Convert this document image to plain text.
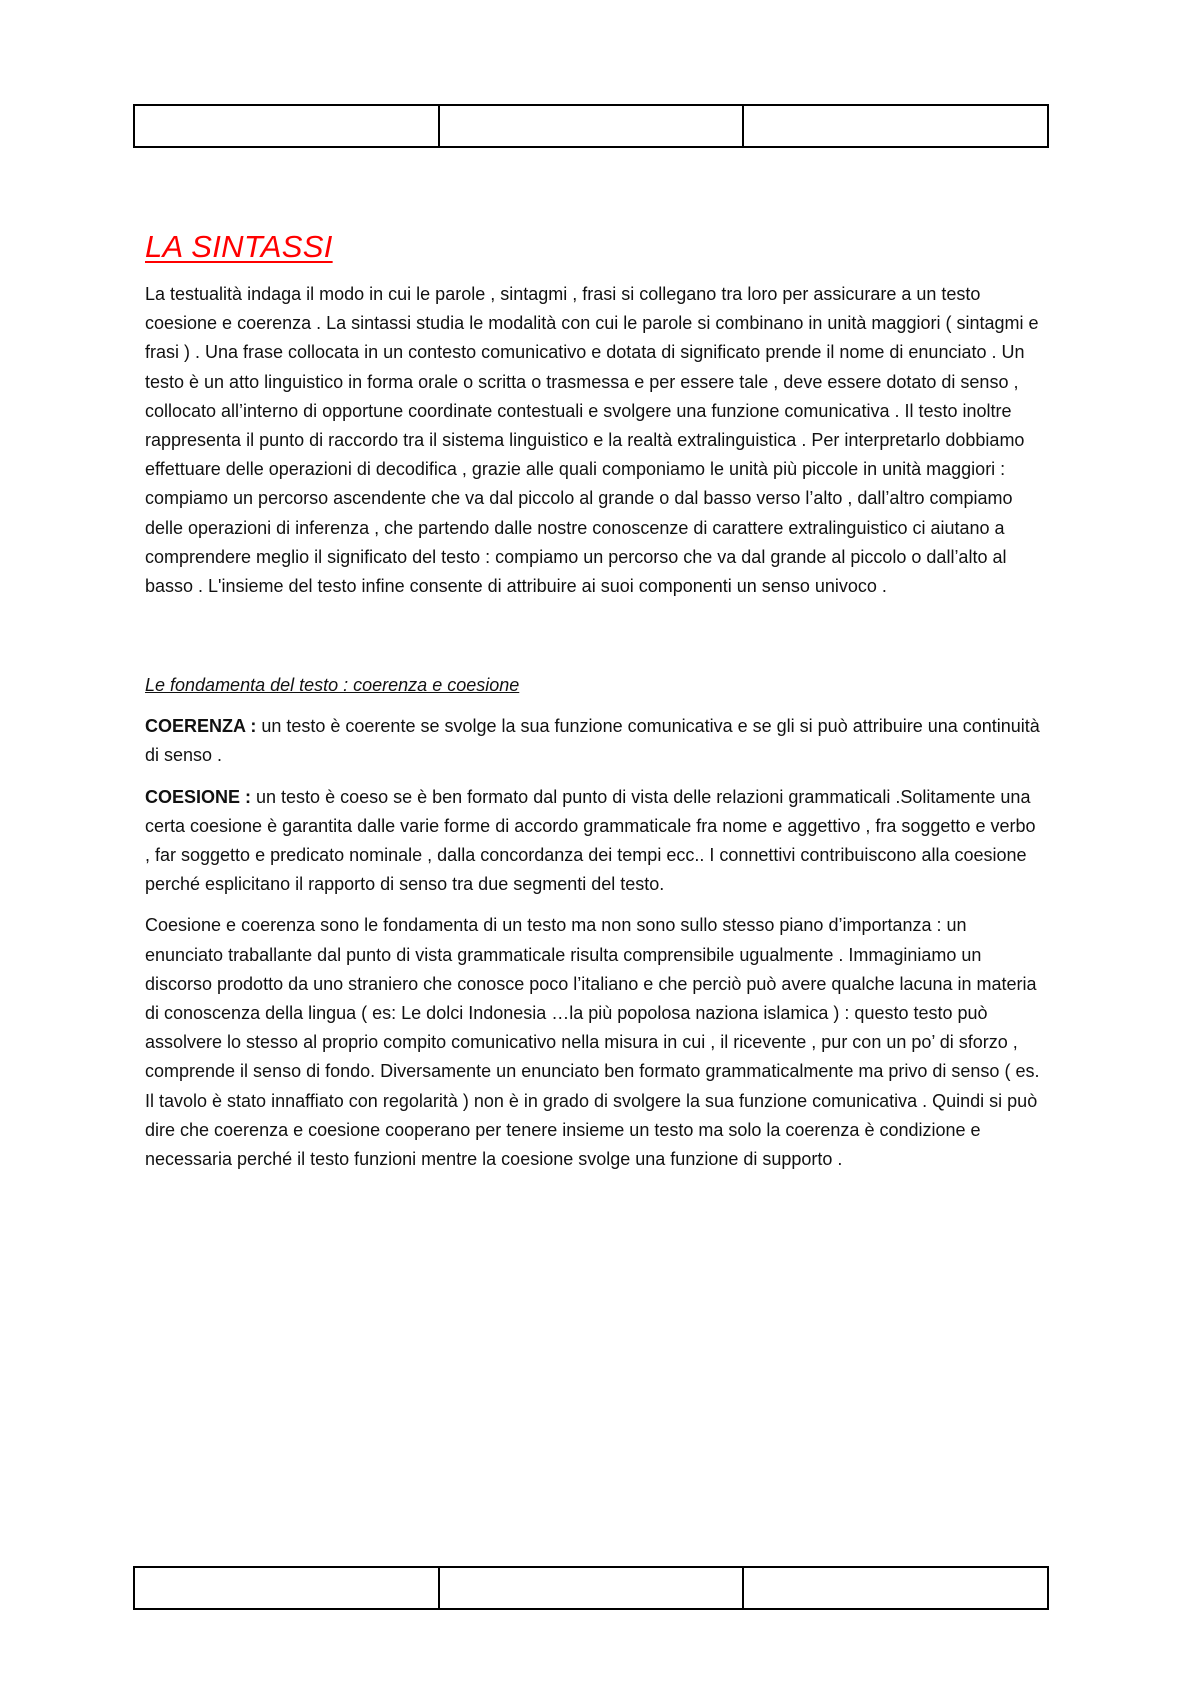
LA SINTASSI

La testualità indaga il modo in cui le parole , sintagmi , frasi si collegano tra loro per assicurare a un testo coesione e coerenza . La sintassi studia le modalità con cui le parole si combinano in unità maggiori ( sintagmi e frasi ) . Una frase collocata in un contesto comunicativo e dotata di significato prende il nome di enunciato . Un testo è un atto linguistico in forma orale o scritta o trasmessa e per essere tale , deve essere dotato di senso , collocato all’interno di opportune coordinate contestuali e svolgere una funzione comunicativa . Il testo inoltre rappresenta il punto di raccordo tra il sistema linguistico e la realtà extralinguistica . Per interpretarlo dobbiamo effettuare delle operazioni di decodifica , grazie alle quali componiamo le unità più piccole in unità maggiori : compiamo un percorso ascendente che va dal piccolo al grande o dal basso verso l’alto , dall’altro compiamo delle operazioni di inferenza , che partendo dalle nostre conoscenze di carattere extralinguistico ci aiutano a comprendere meglio il significato del testo : compiamo un percorso che va dal grande al piccolo o dall’alto al basso . L'insieme del testo infine consente di attribuire ai suoi componenti un senso univoco .

Le fondamenta del testo : coerenza e coesione

COERENZA : un testo è coerente se svolge la sua funzione comunicativa e se gli si può attribuire una continuità di senso .

COESIONE : un testo è coeso se è ben formato dal punto di vista delle relazioni grammaticali .Solitamente una certa coesione è garantita dalle varie forme di accordo grammaticale fra nome e aggettivo , fra soggetto e verbo , far soggetto e predicato nominale , dalla concordanza dei tempi ecc.. I connettivi contribuiscono alla coesione perché esplicitano il rapporto di senso tra due segmenti del testo.

Coesione e coerenza sono le fondamenta di un testo ma non sono sullo stesso piano d’importanza : un enunciato traballante dal punto di vista grammaticale risulta comprensibile ugualmente . Immaginiamo un discorso prodotto da uno straniero che conosce poco l’italiano e che perciò può avere qualche lacuna in materia di conoscenza della lingua ( es: Le dolci Indonesia …la più popolosa naziona islamica ) : questo testo può assolvere lo stesso al proprio compito comunicativo nella misura in cui , il ricevente , pur con un po’ di sforzo , comprende il senso di fondo. Diversamente un enunciato ben formato grammaticalmente ma privo di senso ( es. Il tavolo è stato innaffiato con regolarità ) non è in grado di svolgere la sua funzione comunicativa . Quindi si può dire che coerenza e coesione cooperano per tenere insieme un testo ma solo la coerenza è condizione e necessaria perché il testo funzioni mentre la coesione svolge una funzione di supporto .
